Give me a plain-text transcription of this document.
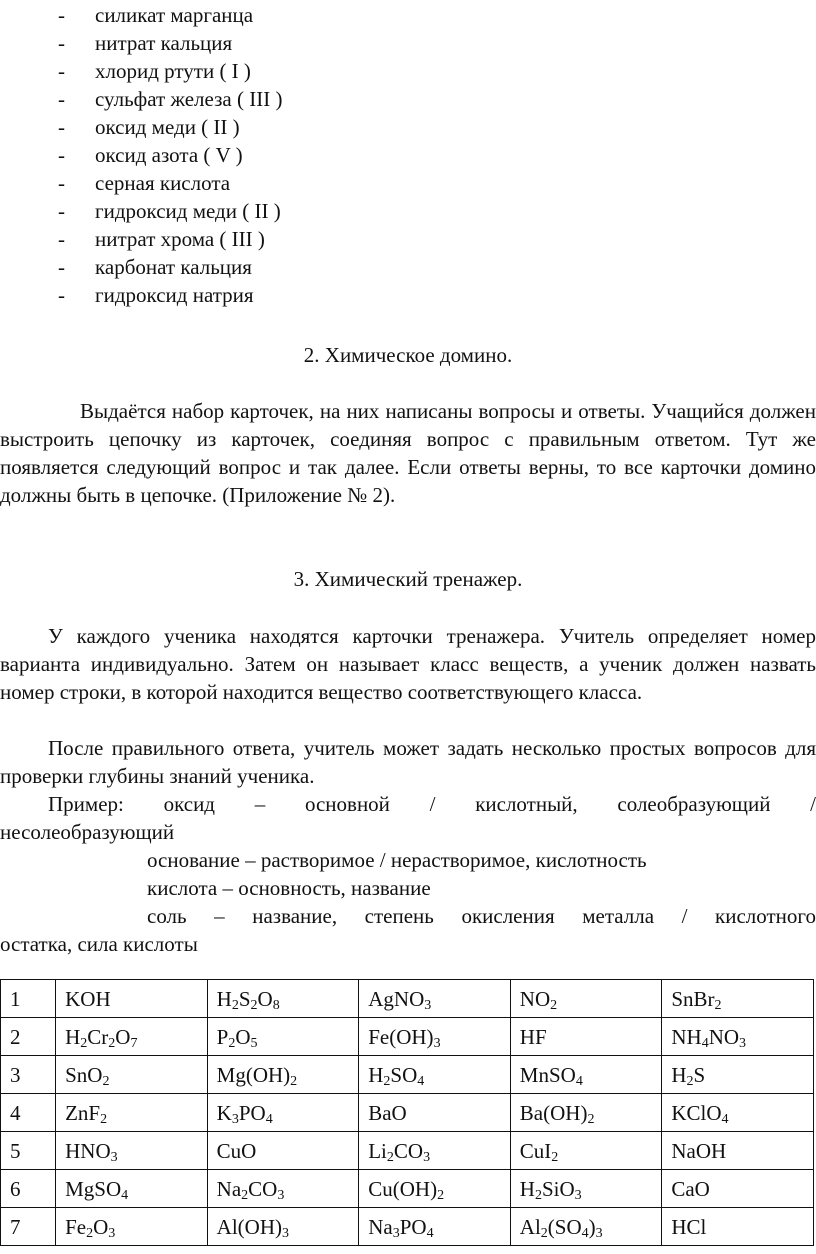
-	силикат марганца
-	нитрат кальция
-	хлорид ртути ( I )
-	сульфат железа ( III )
-	оксид меди ( II )
-	оксид азота ( V )
-	серная кислота
-	гидроксид меди ( II )
-	нитрат хрома ( III )
-	карбонат кальция
-	гидроксид натрия
2. Химическое домино.
Выдаётся набор карточек, на них написаны вопросы и ответы. Учащийся должен выстроить цепочку из карточек, соединяя вопрос с правильным ответом. Тут же появляется следующий вопрос и так далее. Если ответы верны, то все карточки домино должны быть в цепочке. (Приложение № 2).
3. Химический тренажер.
У каждого ученика находятся карточки тренажера. Учитель определяет номер варианта индивидуально. Затем он называет класс веществ, а ученик должен назвать номер строки, в которой находится вещество соответствующего класса.
После правильного ответа, учитель может задать несколько простых вопросов для проверки глубины знаний ученика.
Пример: оксид – основной / кислотный, солеобразующий /
несолеобразующий
основание – растворимое / нерастворимое, кислотность
кислота – основность, название
соль – название, степень окисления металла / кислотного
остатка, сила кислоты
1	KOH	$H_2S_2O_8$	AgNO$_3$	$NO_2$	SnBr$_2$
2	$H_2Cr_2O_7$	$P_2O_5$	$Fe(OH)_3$	HF	$NH_4NO_3$
3	SnO$_2$	$Mg(OH)_2$	$H_2SO_4$	MnSO$_4$	$H_2S$
4	ZnF$_2$	$K_3PO_4$	BaO	$Ba(OH)_2$	KClO$_4$
5	$HNO_3$	CuO	$Li_2CO_3$	CuI$_2$	NaOH
6	MgSO$_4$	$Na_2CO_3$	$Cu(OH)_2$	$H_2SiO_3$	CaO
7	$Fe_2O_3$	$Al(OH)_3$	$Na_3PO_4$	$Al_2(SO_4)_3$	HCl
